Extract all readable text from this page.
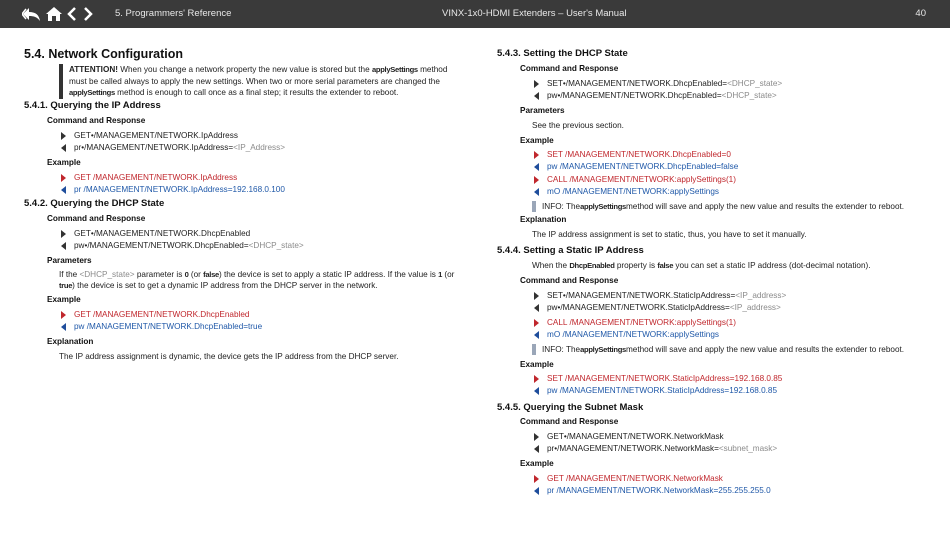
5. Programmers' Reference	VINX-1x0-HDMI Extenders – User's Manual	40
5.4. Network Configuration
ATTENTION! When you change a network property the new value is stored but the applySettings method must be called always to apply the new settings. When two or more serial parameters are changed the applySettings method is enough to call once as a final step; it results the extender to reboot.
5.4.1. Querying the IP Address
Command and Response
GET•/MANAGEMENT/NETWORK.IpAddress
pr•/MANAGEMENT/NETWORK.IpAddress= <IP_Address>
Example
GET /MANAGEMENT/NETWORK.IpAddress
pr /MANAGEMENT/NETWORK.IpAddress=192.168.0.100
5.4.2. Querying the DHCP State
Command and Response
GET•/MANAGEMENT/NETWORK.DhcpEnabled
pw•/MANAGEMENT/NETWORK.DhcpEnabled= <DHCP_state>
Parameters
If the <DHCP_state> parameter is 0 (or false) the device is set to apply a static IP address. If the value is 1 (or
true) the device is set to get a dynamic IP address from the DHCP server in the network.
Example
GET /MANAGEMENT/NETWORK.DhcpEnabled
pw /MANAGEMENT/NETWORK.DhcpEnabled=true
Explanation
The IP address assignment is dynamic, the device gets the IP address from the DHCP server.
5.4.3. Setting the DHCP State
Command and Response
SET•/MANAGEMENT/NETWORK.DhcpEnabled= <DHCP_state>
pw•/MANAGEMENT/NETWORK.DhcpEnabled= <DHCP_state>
Parameters
See the previous section.
Example
SET /MANAGEMENT/NETWORK.DhcpEnabled=0
pw /MANAGEMENT/NETWORK.DhcpEnabled=false
CALL /MANAGEMENT/NETWORK:applySettings(1)
mO /MANAGEMENT/NETWORK:applySettings
INFO: The applySettings method will save and apply the new value and results the extender to reboot.
Explanation
The IP address assignment is set to static, thus, you have to set it manually.
5.4.4. Setting a Static IP Address
When the DhcpEnabled property is false you can set a static IP address (dot-decimal notation).
Command and Response
SET•/MANAGEMENT/NETWORK.StaticIpAddress= <IP_address>
pw•/MANAGEMENT/NETWORK.StaticIpAddress= <IP_address>
CALL /MANAGEMENT/NETWORK:applySettings(1)
mO /MANAGEMENT/NETWORK:applySettings
INFO: The applySettings method will save and apply the new value and results the extender to reboot.
Example
SET /MANAGEMENT/NETWORK.StaticIpAddress=192.168.0.85
pw /MANAGEMENT/NETWORK.StaticIpAddress=192.168.0.85
5.4.5. Querying the Subnet Mask
Command and Response
GET•/MANAGEMENT/NETWORK.NetworkMask
pr•/MANAGEMENT/NETWORK.NetworkMask= <subnet_mask>
Example
GET /MANAGEMENT/NETWORK.NetworkMask
pr /MANAGEMENT/NETWORK.NetworkMask=255.255.255.0
